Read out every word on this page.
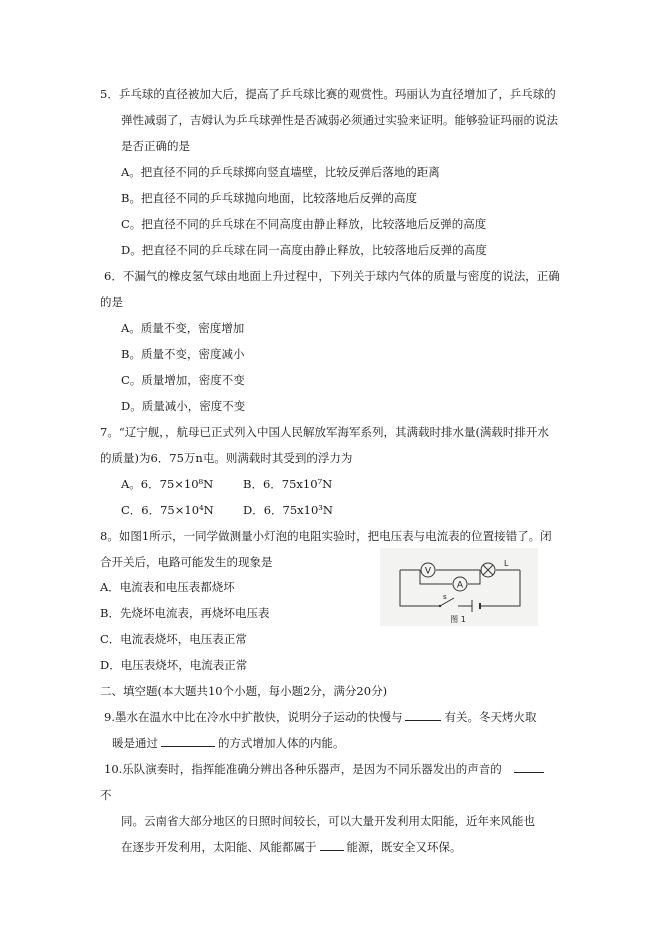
5．乒乓球的直径被加大后，提高了乒乓球比赛的观赏性。玛丽认为直径增加了，乒乓球的
弹性减弱了，吉姆认为乒乓球弹性是否减弱必须通过实验来证明。能够验证玛丽的说法
是否正确的是
A。把直径不同的乒乓球掷向竖直墙壁，比较反弹后落地的距离
B。把直径不同的乒乓球抛向地面，比较落地后反弹的高度
C。把直径不同的乒乓球在不同高度由静止释放，比较落地后反弹的高度
D。把直径不同的乒乓球在同一高度由静止释放，比较落地后反弹的高度
6．不漏气的橡皮氢气球由地面上升过程中，下列关于球内气体的质量与密度的说法，正确
的是
A。质量不变，密度增加
B。质量不变，密度减小
C。质量增加，密度不变
D。质量减小，密度不变
7。“辽宁舰，，航母已正式列入中国人民解放军海军系列，其满载时排水量(满载时排开水
的质量)为6．75万n屯。则满载时其受到的浮力为
A。6．75×10⁸N	B．6．75x10⁷N
C．6．75×10⁴N	D．6．75x10³N
8。如图1所示，一同学做测量小灯泡的电阻实验时，把电压表与电流表的位置接错了。闭
合开关后，电路可能发生的现象是
A．电流表和电压表都烧坏
B．先烧坏电流表，再烧坏电压表
C．电流表烧坏，电压表正常
D．电压表烧坏，电流表正常
V
L
A
s
图 1
二、填空题(本大题共10个小题，每小题2分，满分20分)
9.墨水在温水中比在冷水中扩散快，说明分子运动的快慢与	有关。冬天烤火取
暖是通过	的方式增加人体的内能。
10.乐队演奏时，指挥能准确分辨出各种乐器声，是因为不同乐器发出的声音的
不
同。云南省大部分地区的日照时间较长，可以大量开发利用太阳能，近年来风能也
在逐步开发利用，太阳能、风能都属于	能源，既安全又环保。
